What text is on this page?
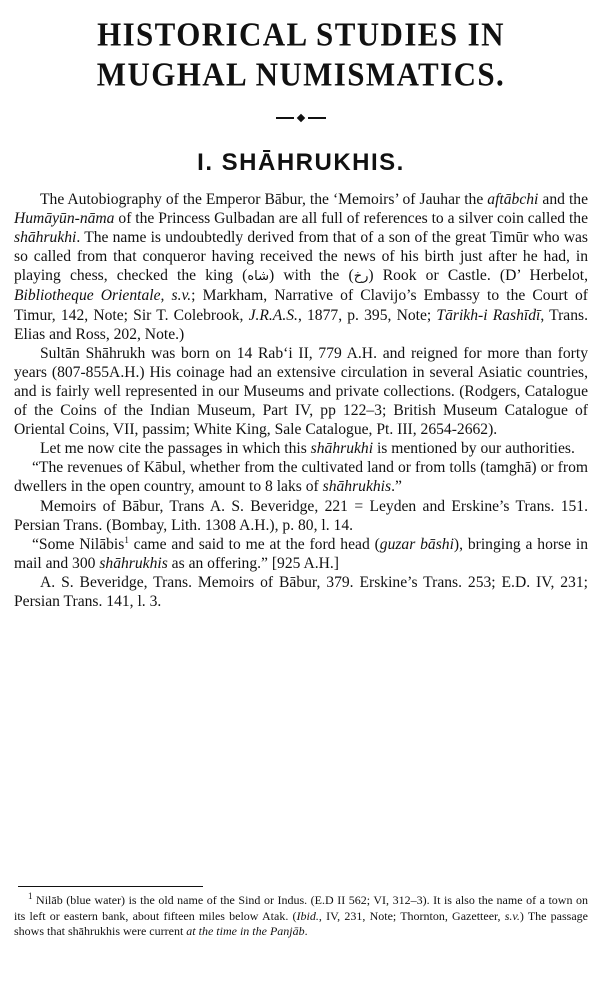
HISTORICAL STUDIES IN
MUGHAL NUMISMATICS.
I. SHĀHRUKHIS.

The Autobiography of the Emperor Bābur, the ‘Memoirs’ of Jauhar the aftābchi and the Humāyūn-nāma of the Princess Gulbadan are all full of references to a silver coin called the shāhrukhi. The name is undoubtedly derived from that of a son of the great Timūr who was so called from that conqueror having received the news of his birth just after he had, in playing chess, checked the king (شاه) with the (رخ) Rook or Castle. (D’ Herbelot, Bibliotheque Orientale, s.v.; Markham, Narrative of Clavijo’s Embassy to the Court of Timur, 142, Note; Sir T. Colebrook, J.R.A.S., 1877, p. 395, Note; Tārikh-i Rashīdī, Trans. Elias and Ross, 202, Note.)

Sultān Shāhrukh was born on 14 Rab‘i II, 779 A.H. and reigned for more than forty years (807-855A.H.) His coinage had an extensive circulation in several Asiatic countries, and is fairly well represented in our Museums and private collections. (Rodgers, Catalogue of the Coins of the Indian Museum, Part IV, pp 122–3; British Museum Catalogue of Oriental Coins, VII, passim; White King, Sale Catalogue, Pt. III, 2654-2662).

Let me now cite the passages in which this shāhrukhi is mentioned by our authorities.

“The revenues of Kābul, whether from the cultivated land or from tolls (tamghā) or from dwellers in the open country, amount to 8 laks of shāhrukhis.”

Memoirs of Bābur, Trans A. S. Beveridge, 221 = Leyden and Erskine’s Trans. 151. Persian Trans. (Bombay, Lith. 1308 A.H.), p. 80, l. 14.

“Some Nilābis$^1$ came and said to me at the ford head (guzar bāshi), bringing a horse in mail and 300 shāhrukhis as an offering.” [925 A.H.]

A. S. Beveridge, Trans. Memoirs of Bābur, 379. Erskine’s Trans. 253; E.D. IV, 231; Persian Trans. 141, l. 3.

$^1$ Nilāb (blue water) is the old name of the Sind or Indus. (E.D II 562; VI, 312–3). It is also the name of a town on its left or eastern bank, about fifteen miles below Atak. (Ibid., IV, 231, Note; Thornton, Gazetteer, s.v.) The passage shows that shāhrukhis were current at the time in the Panjāb.
